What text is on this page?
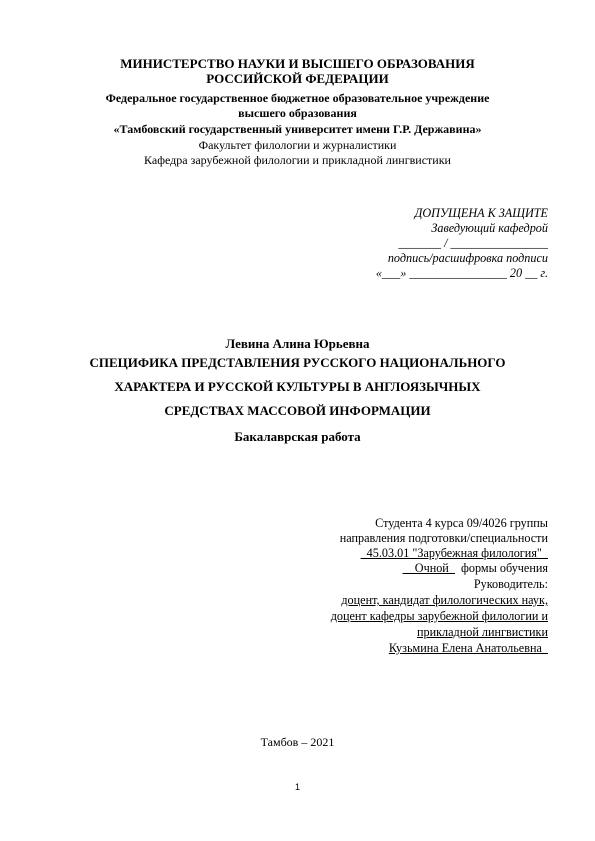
МИНИСТЕРСТВО НАУКИ И ВЫСШЕГО ОБРАЗОВАНИЯ
РОССИЙСКОЙ ФЕДЕРАЦИИ
Федеральное государственное бюджетное образовательное учреждение
высшего образования
«Тамбовский государственный университет имени Г.Р. Державина»
Факультет филологии и журналистики
Кафедра зарубежной филологии и прикладной лингвистики
ДОПУЩЕНА К ЗАЩИТЕ
Заведующий кафедрой
_______ / ________________
подпись/расшифровка подписи
«___» ________________ 20 __ г.
Левина Алина Юрьевна
СПЕЦИФИКА ПРЕДСТАВЛЕНИЯ РУССКОГО НАЦИОНАЛЬНОГО
ХАРАКТЕРА И РУССКОЙ КУЛЬТУРЫ В АНГЛОЯЗЫЧНЫХ
СРЕДСТВАХ МАССОВОЙ ИНФОРМАЦИИ
Бакалаврская работа
Студента 4 курса 09/4026 группы
направления подготовки/специальности
_45.03.01 "Зарубежная филология"_
__Очной_  формы обучения
Руководитель:
доцент, кандидат филологических наук,
доцент кафедры зарубежной филологии и
прикладной лингвистики
Кузьмина Елена Анатольевна_
Тамбов – 2021
1
